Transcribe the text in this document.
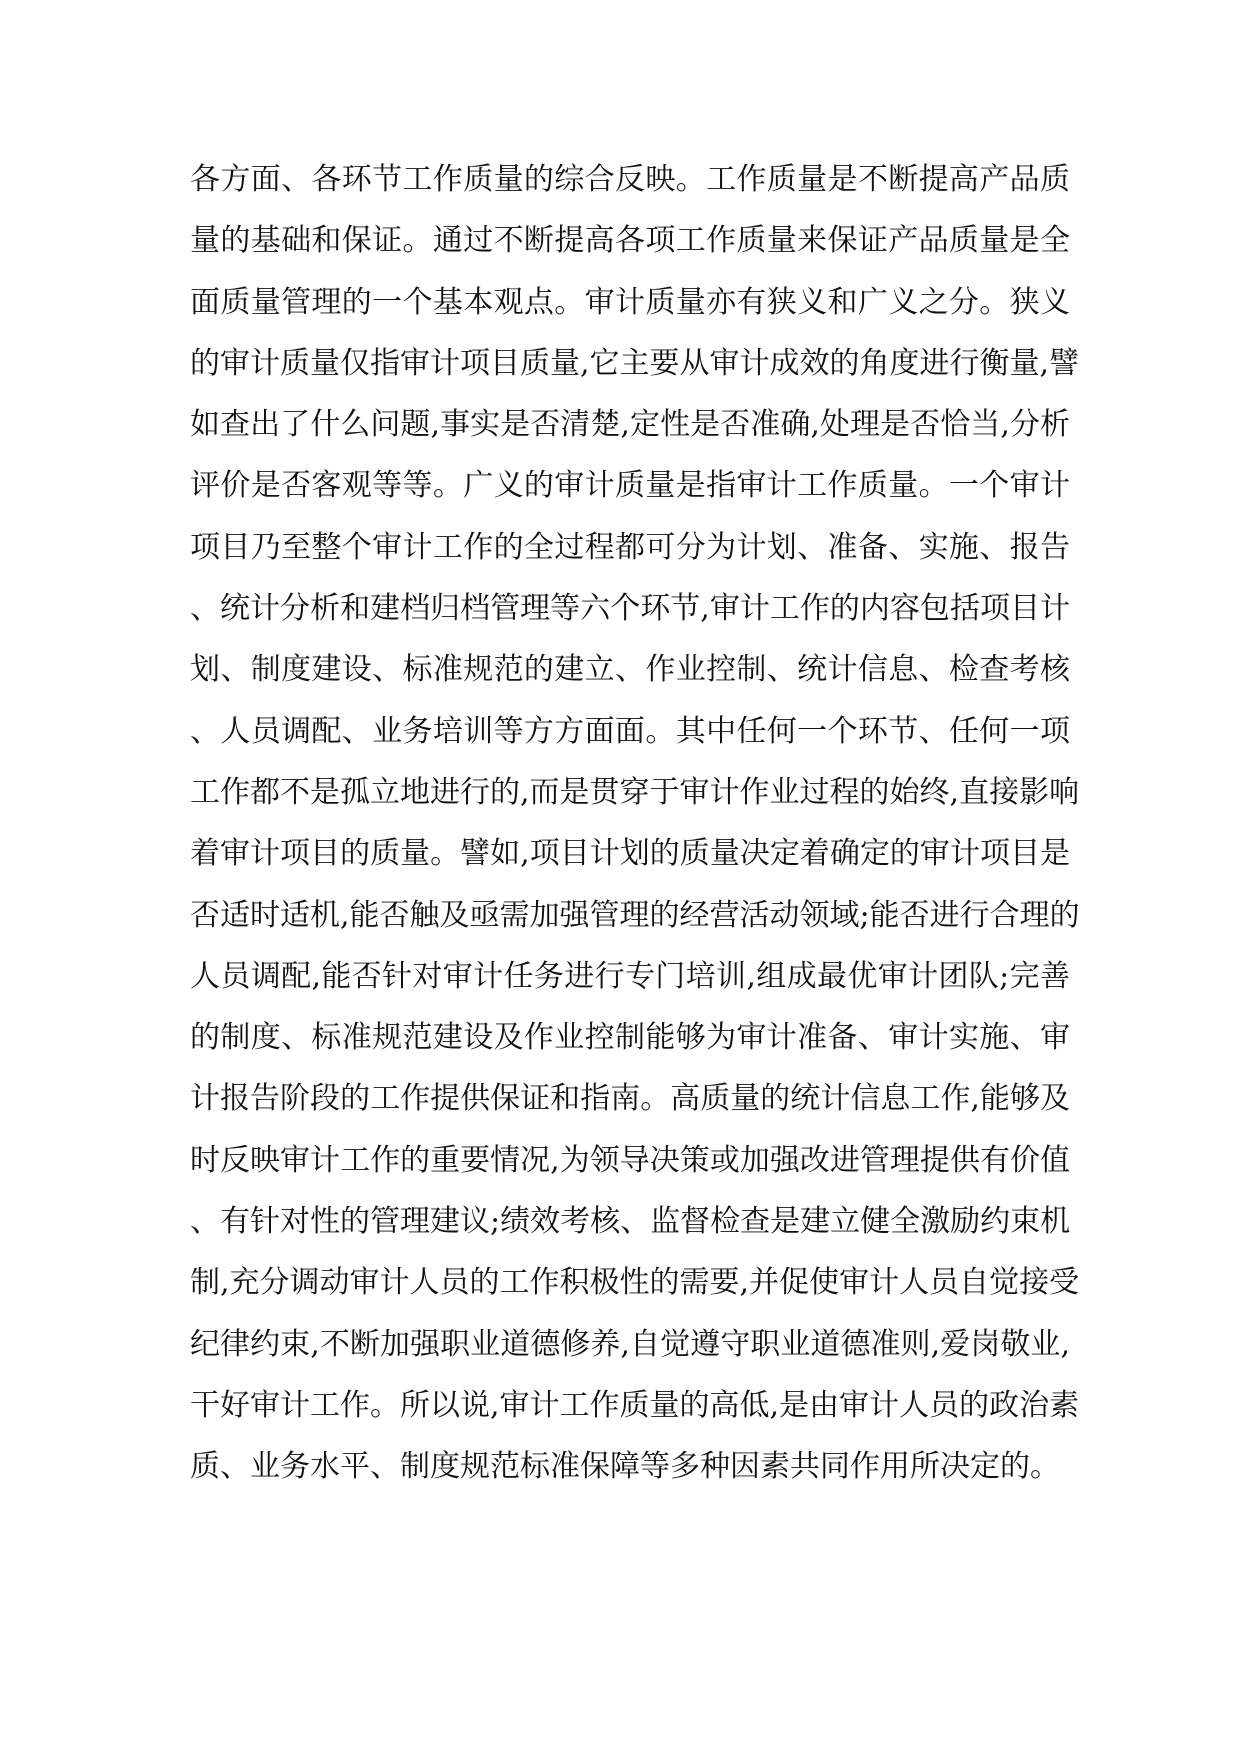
各方面、各环节工作质量的综合反映。工作质量是不断提高产品质
量的基础和保证。通过不断提高各项工作质量来保证产品质量是全
面质量管理的一个基本观点。审计质量亦有狭义和广义之分。狭义
的审计质量仅指审计项目质量,它主要从审计成效的角度进行衡量,譬
如查出了什么问题,事实是否清楚,定性是否准确,处理是否恰当,分析
评价是否客观等等。广义的审计质量是指审计工作质量。一个审计
项目乃至整个审计工作的全过程都可分为计划、准备、实施、报告
、统计分析和建档归档管理等六个环节,审计工作的内容包括项目计
划、制度建设、标准规范的建立、作业控制、统计信息、检查考核
、人员调配、业务培训等方方面面。其中任何一个环节、任何一项
工作都不是孤立地进行的,而是贯穿于审计作业过程的始终,直接影响
着审计项目的质量。譬如,项目计划的质量决定着确定的审计项目是
否适时适机,能否触及亟需加强管理的经营活动领域;能否进行合理的
人员调配,能否针对审计任务进行专门培训,组成最优审计团队;完善
的制度、标准规范建设及作业控制能够为审计准备、审计实施、审
计报告阶段的工作提供保证和指南。高质量的统计信息工作,能够及
时反映审计工作的重要情况,为领导决策或加强改进管理提供有价值
、有针对性的管理建议;绩效考核、监督检查是建立健全激励约束机
制,充分调动审计人员的工作积极性的需要,并促使审计人员自觉接受
纪律约束,不断加强职业道德修养,自觉遵守职业道德准则,爱岗敬业,
干好审计工作。所以说,审计工作质量的高低,是由审计人员的政治素
质、业务水平、制度规范标准保障等多种因素共同作用所决定的。
